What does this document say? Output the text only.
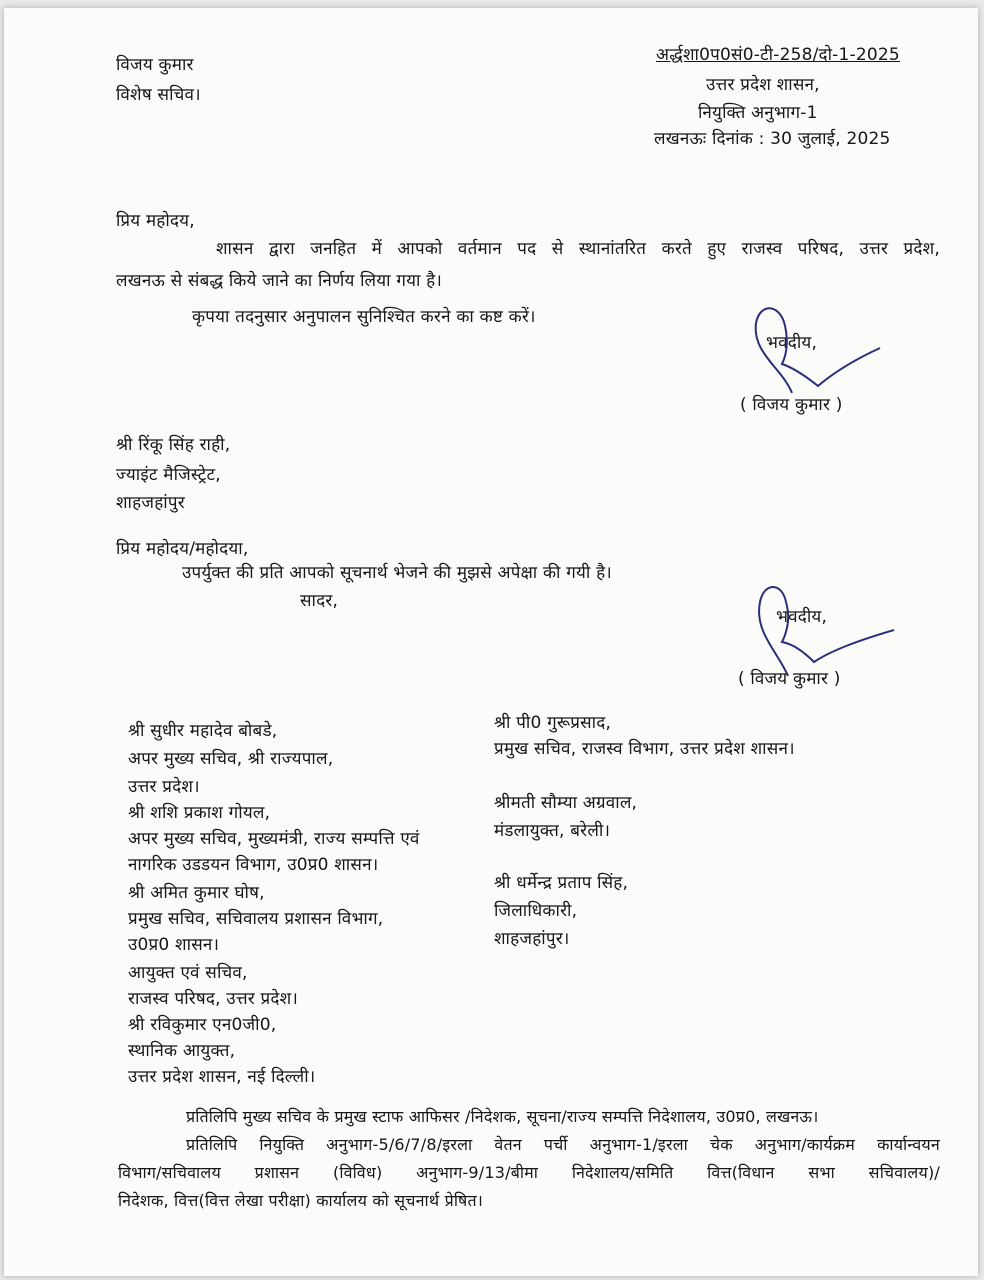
विजय कुमार
विशेष सचिव।
अर्द्धशा0प0सं0-टी-258/दो-1-2025
उत्तर प्रदेश शासन,
नियुक्ति अनुभाग-1
लखनऊः दिनांक : 30 जुलाई, 2025
प्रिय महोदय,
शासन द्वारा जनहित में आपको वर्तमान पद से स्थानांतरित करते हुए राजस्व परिषद, उत्तर प्रदेश,
लखनऊ से संबद्ध किये जाने का निर्णय लिया गया है।
कृपया तदनुसार अनुपालन सुनिश्चित करने का कष्ट करें।
भवदीय,
( विजय कुमार )
श्री रिंकू सिंह राही,
ज्याइंट मैजिस्ट्रेट,
शाहजहांपुर
प्रिय महोदय/महोदया,
उपर्युक्त की प्रति आपको सूचनार्थ भेजने की मुझसे अपेक्षा की गयी है।
सादर,
भवदीय,
( विजय कुमार )
श्री सुधीर महादेव बोबडे,
अपर मुख्य सचिव, श्री राज्यपाल,
उत्तर प्रदेश।
श्री शशि प्रकाश गोयल,
अपर मुख्य सचिव, मुख्यमंत्री, राज्य सम्पत्ति एवं
नागरिक उडडयन विभाग, उ0प्र0 शासन।
श्री अमित कुमार घोष,
प्रमुख सचिव, सचिवालय प्रशासन विभाग,
उ0प्र0 शासन।
आयुक्त एवं सचिव,
राजस्व परिषद, उत्तर प्रदेश।
श्री रविकुमार एन0जी0,
स्थानिक आयुक्त,
उत्तर प्रदेश शासन, नई दिल्ली।
श्री पी0 गुरूप्रसाद,
प्रमुख सचिव, राजस्व विभाग, उत्तर प्रदेश शासन।
श्रीमती सौम्या अग्रवाल,
मंडलायुक्त, बरेली।
श्री धर्मेन्द्र प्रताप सिंह,
जिलाधिकारी,
शाहजहांपुर।
प्रतिलिपि मुख्य सचिव के प्रमुख स्टाफ आफिसर /निदेशक, सूचना/राज्य सम्पत्ति निदेशालय, उ0प्र0, लखनऊ।
प्रतिलिपि नियुक्ति अनुभाग-5/6/7/8/इरला वेतन पर्ची अनुभाग-1/इरला चेक अनुभाग/कार्यक्रम कार्यान्वयन
विभाग/सचिवालय प्रशासन (विविध) अनुभाग-9/13/बीमा निदेशालय/समिति वित्त(विधान सभा सचिवालय)/
निदेशक, वित्त(वित्त लेखा परीक्षा) कार्यालय को सूचनार्थ प्रेषित।
